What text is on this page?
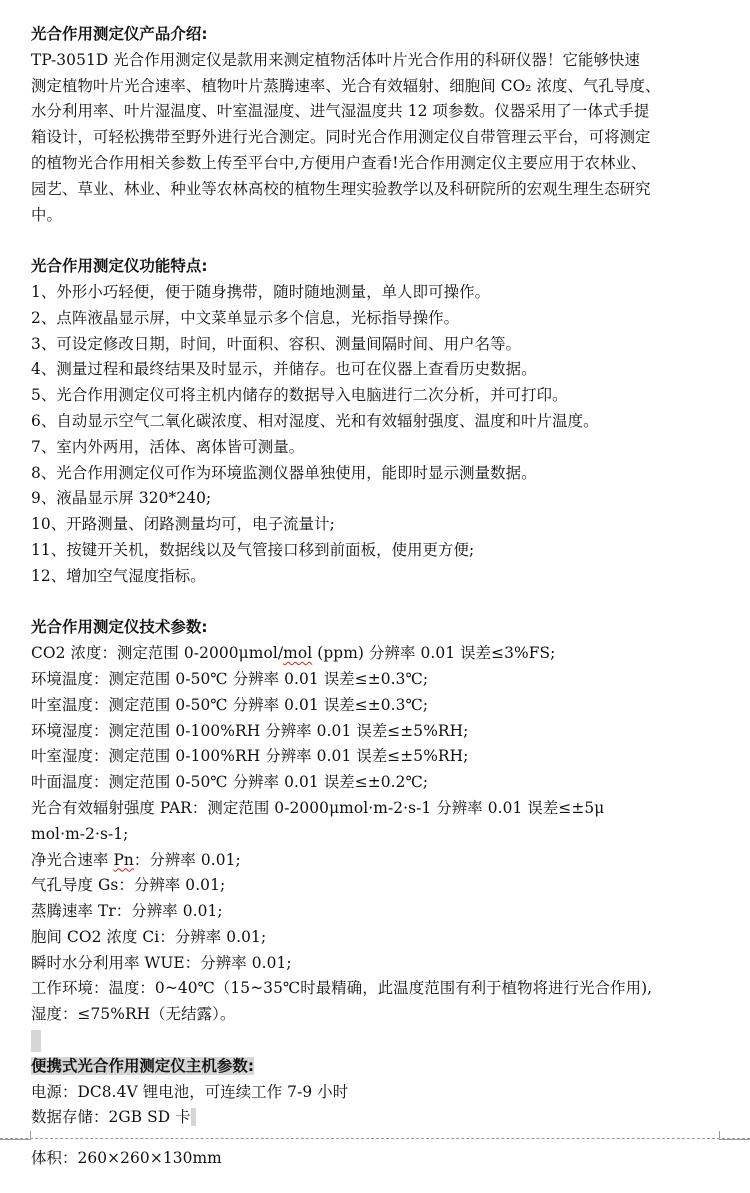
光合作用测定仪产品介绍:
TP-3051D 光合作用测定仪是款用来测定植物活体叶片光合作用的科研仪器！它能够快速
测定植物叶片光合速率、植物叶片蒸腾速率、光合有效辐射、细胞间 CO₂ 浓度、气孔导度、
水分利用率、叶片湿温度、叶室温湿度、进气湿温度共 12 项参数。仪器采用了一体式手提
箱设计，可轻松携带至野外进行光合测定。同时光合作用测定仪自带管理云平台，可将测定
的植物光合作用相关参数上传至平台中,方便用户查看!光合作用测定仪主要应用于农林业、
园艺、草业、林业、种业等农林高校的植物生理实验教学以及科研院所的宏观生理生态研究
中。
光合作用测定仪功能特点:
1、外形小巧轻便，便于随身携带，随时随地测量，单人即可操作。
2、点阵液晶显示屏，中文菜单显示多个信息，光标指导操作。
3、可设定修改日期，时间，叶面积、容积、测量间隔时间、用户名等。
4、测量过程和最终结果及时显示，并储存。也可在仪器上查看历史数据。
5、光合作用测定仪可将主机内储存的数据导入电脑进行二次分析，并可打印。
6、自动显示空气二氧化碳浓度、相对湿度、光和有效辐射强度、温度和叶片温度。
7、室内外两用，活体、离体皆可测量。
8、光合作用测定仪可作为环境监测仪器单独使用，能即时显示测量数据。
9、液晶显示屏 320*240;
10、开路测量、闭路测量均可，电子流量计;
11、按键开关机，数据线以及气管接口移到前面板，使用更方便;
12、增加空气湿度指标。
光合作用测定仪技术参数:
CO2 浓度：测定范围 0-2000μmol/mol (ppm) 分辨率 0.01 误差≤3%FS;
环境温度：测定范围 0-50℃ 分辨率 0.01 误差≤±0.3℃;
叶室温度：测定范围 0-50℃ 分辨率 0.01 误差≤±0.3℃;
环境湿度：测定范围 0-100%RH 分辨率 0.01 误差≤±5%RH;
叶室湿度：测定范围 0-100%RH 分辨率 0.01 误差≤±5%RH;
叶面温度：测定范围 0-50℃ 分辨率 0.01 误差≤±0.2℃;
光合有效辐射强度 PAR：测定范围 0-2000μmol·m-2·s-1 分辨率 0.01 误差≤±5μ
mol·m-2·s-1;
净光合速率 Pn：分辨率 0.01;
气孔导度 Gs：分辨率 0.01;
蒸腾速率 Tr：分辨率 0.01;
胞间 CO2 浓度 Ci：分辨率 0.01;
瞬时水分利用率 WUE：分辨率 0.01;
工作环境：温度：0~40℃（15~35℃时最精确，此温度范围有利于植物将进行光合作用),
湿度：≤75%RH（无结露）。
便携式光合作用测定仪主机参数:
电源：DC8.4V 锂电池，可连续工作 7-9 小时
数据存储：2GB SD 卡
体积：260×260×130mm
